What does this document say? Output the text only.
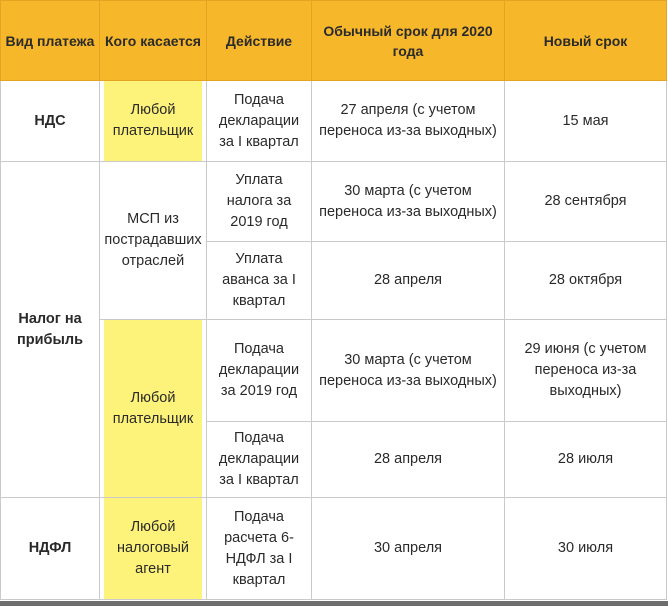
Вид платежа	Кого касается	Действие	Обычный срок для 2020 года	Новый срок
НДС	Любой плательщик	Подача декларации за I квартал	27 апреля (с учетом переноса из-за выходных)	15 мая
Налог на прибыль	МСП из пострадавших отраслей	Уплата налога за 2019 год	30 марта (с учетом переноса из-за выходных)	28 сентября
		Уплата аванса за I квартал	28 апреля	28 октября

	Любой плательщик	Подача декларации за 2019 год	30 марта (с учетом переноса из-за выходных)	29 июня (с учетом переноса из-за выходных)
		Подача декларации за I квартал	28 апреля	28 июля
НДФЛ	Любой налоговый агент	Подача расчета 6-НДФЛ за I квартал	30 апреля	30 июля
